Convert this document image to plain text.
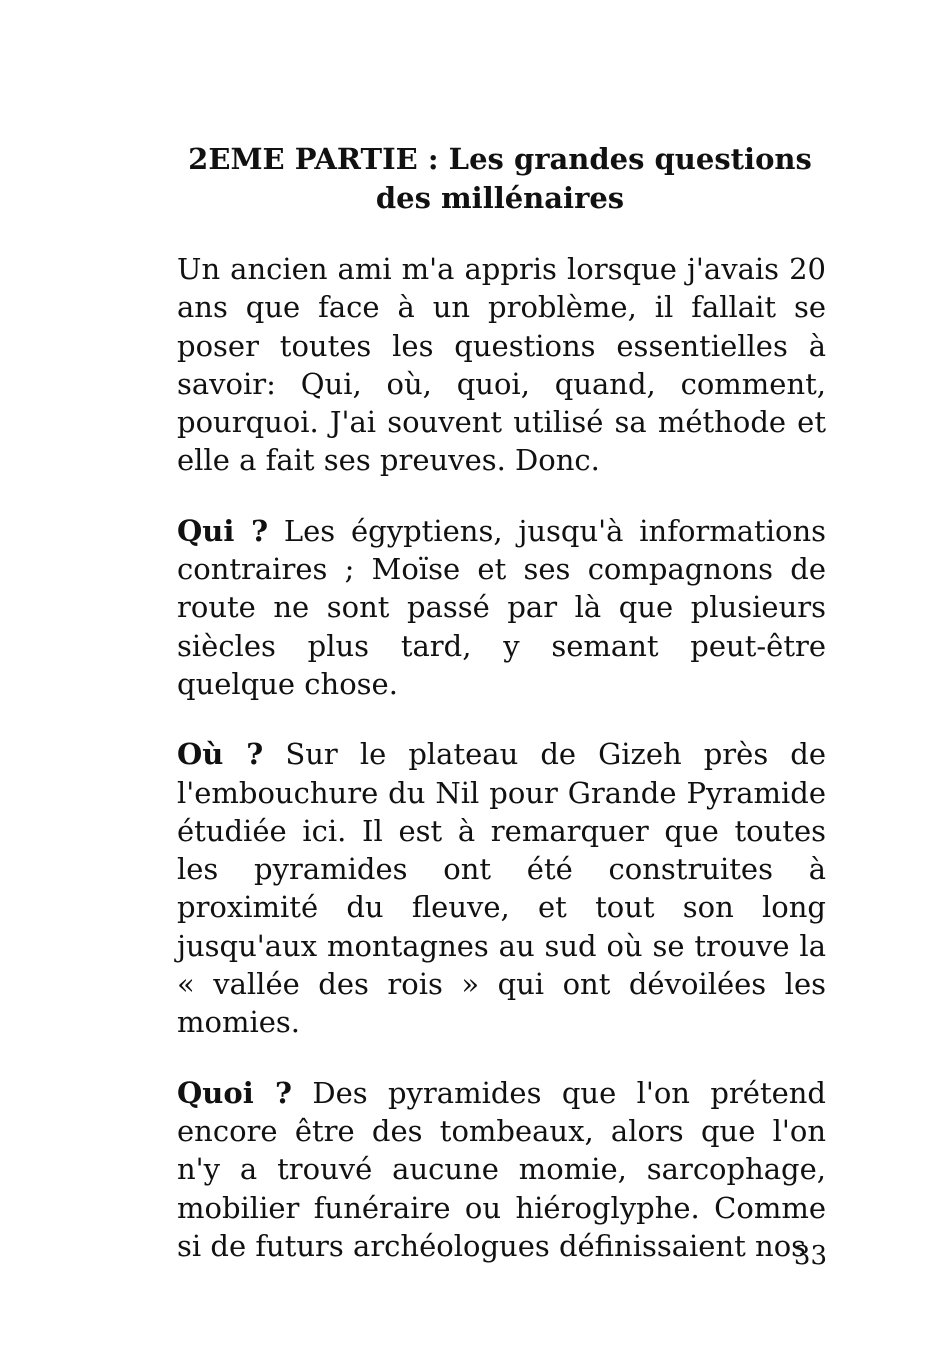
2EME PARTIE : Les grandes questions
des millénaires

Un ancien ami m'a appris lorsque j'avais 20 ans que face à un problème, il fallait se poser toutes les questions essentielles à savoir: Qui, où, quoi, quand, comment, pourquoi. J'ai souvent utilisé sa méthode et elle a fait ses preuves. Donc.

Qui ? Les égyptiens, jusqu'à informations contraires ; Moïse et ses compagnons de route ne sont passé par là que plusieurs siècles plus tard, y semant peut-être quelque chose.

Où ? Sur le plateau de Gizeh près de l'embouchure du Nil pour Grande Pyramide étudiée ici. Il est à remarquer que toutes les pyramides ont été construites à proximité du fleuve, et tout son long jusqu'aux montagnes au sud où se trouve la « vallée des rois » qui ont dévoilées les momies.

Quoi ? Des pyramides que l'on prétend encore être des tombeaux, alors que l'on n'y a trouvé aucune momie, sarcophage, mobilier funéraire ou hiéroglyphe. Comme si de futurs archéologues définissaient nos

33
